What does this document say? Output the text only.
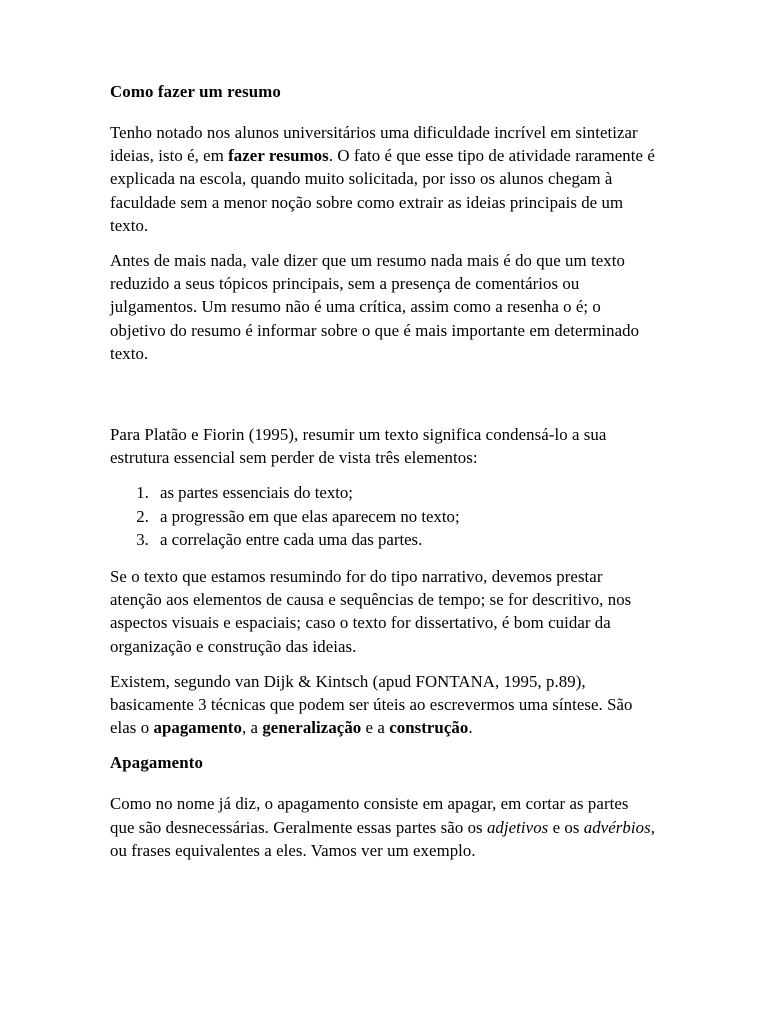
Como fazer um resumo

Tenho notado nos alunos universitários uma dificuldade incrível em sintetizar ideias, isto é, em fazer resumos. O fato é que esse tipo de atividade raramente é explicada na escola, quando muito solicitada, por isso os alunos chegam à faculdade sem a menor noção sobre como extrair as ideias principais de um texto.

Antes de mais nada, vale dizer que um resumo nada mais é do que um texto reduzido a seus tópicos principais, sem a presença de comentários ou julgamentos. Um resumo não é uma crítica, assim como a resenha o é; o objetivo do resumo é informar sobre o que é mais importante em determinado texto.

Para Platão e Fiorin (1995), resumir um texto significa condensá-lo a sua estrutura essencial sem perder de vista três elementos:

1. as partes essenciais do texto;
2. a progressão em que elas aparecem no texto;
3. a correlação entre cada uma das partes.

Se o texto que estamos resumindo for do tipo narrativo, devemos prestar atenção aos elementos de causa e sequências de tempo; se for descritivo, nos aspectos visuais e espaciais; caso o texto for dissertativo, é bom cuidar da organização e construção das ideias.

Existem, segundo van Dijk & Kintsch (apud FONTANA, 1995, p.89), basicamente 3 técnicas que podem ser úteis ao escrevermos uma síntese. São elas o apagamento, a generalização e a construção.

Apagamento

Como no nome já diz, o apagamento consiste em apagar, em cortar as partes que são desnecessárias. Geralmente essas partes são os adjetivos e os advérbios, ou frases equivalentes a eles. Vamos ver um exemplo.
